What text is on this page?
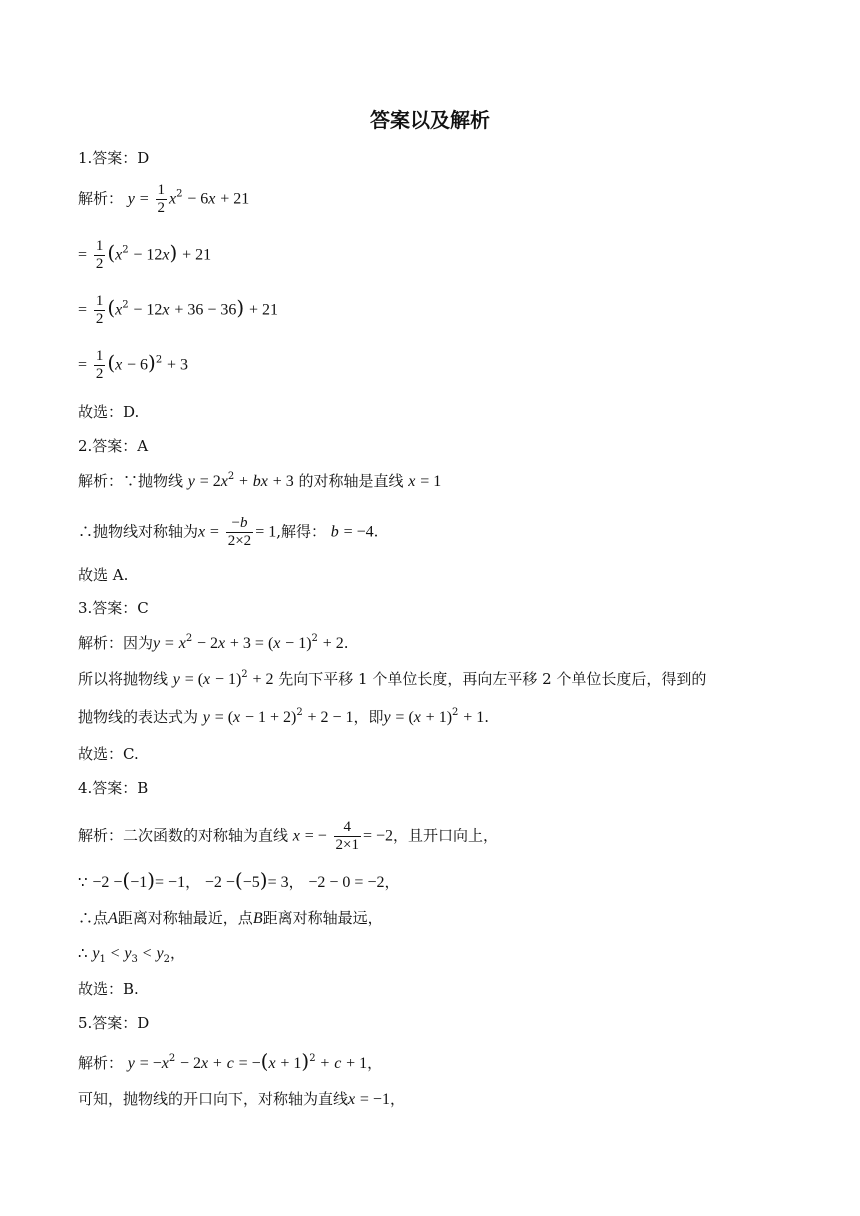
答案以及解析
1.答案：D
解析： $y = \frac{1}{2} x^2 - 6x + 21$
= $\frac{1}{2} (x^2 - 12x) + 21$
= $\frac{1}{2} (x^2 - 12x + 36 - 36) + 21$
= $\frac{1}{2} (x - 6)^2 + 3$
故选：D.
2.答案：A
解析：∵抛物线 $y = 2x^2$ + bx + 3 的对称轴是直线 x = 1
∴抛物线对称轴为$x = \frac{-b}{2\times 2} = 1$,解得： b = −4.
故选 A.
3.答案：C
解析：因为$y = x^2 - 2x + 3 = (x - 1)^2 + 2$.
所以将抛物线 $y = (x - 1)^2 + 2$ 先向下平移 1 个单位长度，再向左平移 2 个单位长度后，得到的
抛物线的表达式为 $y = (x - 1 + 2)^2 + 2 - 1$，即$y = (x + 1)^2 + 1$.
故选：C.
4.答案：B
解析：二次函数的对称轴为直线 x = − $\frac{4}{2\times 1} = -2$，且开口向上，
∵ −2 −(−1)= −1， −2 −(−5)= 3， −2 − 0 = −2，
∴点A距离对称轴最近，点B距离对称轴最远，
∴ $y_1 < y_3 < y_2$，
故选：B.
5.答案：D
解析： $y = -x^2 - 2x + c = -(x + 1)^2 + c + 1$，
可知，抛物线的开口向下，对称轴为直线x = −1，
